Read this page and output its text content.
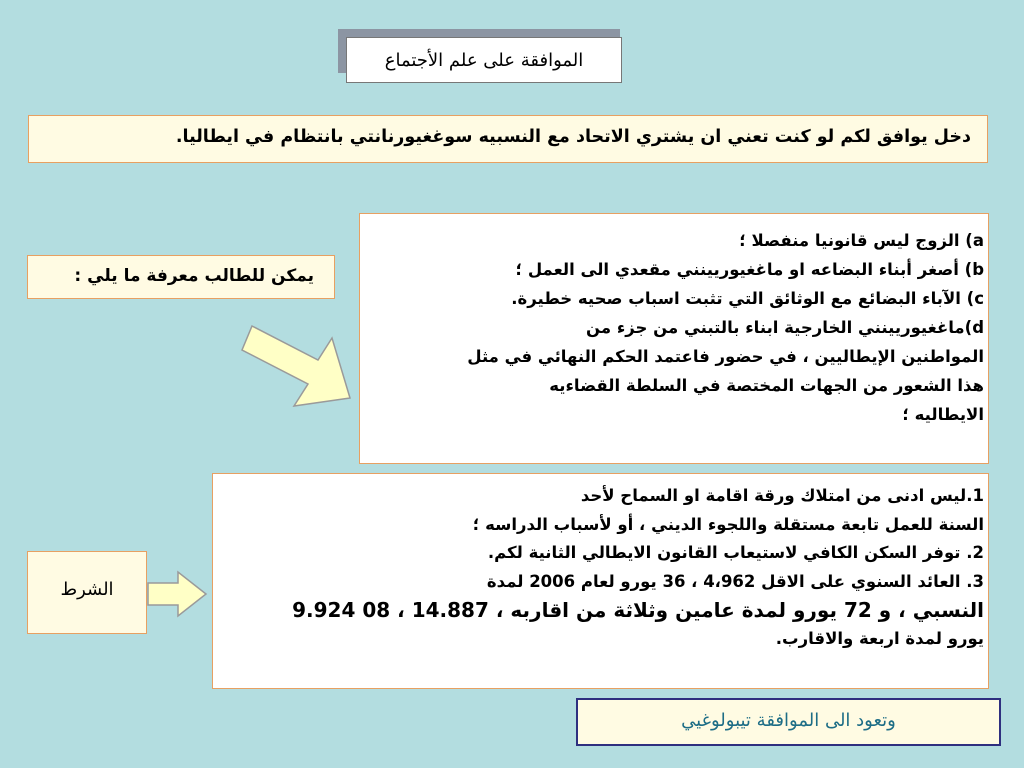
الموافقة على علم الأجتماع
دخل يوافق لكم لو كنت تعني ان يشتري الاتحاد مع النسبيه سوغغيورنانتي بانتظام في ايطاليا.
يمكن للطالب معرفة ما يلي :

a) الزوج ليس قانونيا منفصلا ؛

b) أصغر أبناء البضاعه او ماغغيوريينني مقعدي الى العمل ؛

c) الآباء البضائع مع الوثائق التي تثبت اسباب صحيه خطيرة.

d)ماغغيوريينني الخارجية ابناء بالتبني من جزء من

المواطنين الإيطاليين ، في حضور فاعتمد الحكم النهائي في مثل

هذا الشعور من الجهات المختصة في السلطة القضاءيه

الايطاليه ؛

1.ليس ادنى من امتلاك ورقة اقامة او السماح لأحد

السنة للعمل تابعة مستقلة واللجوء الديني ، أو لأسباب الدراسه ؛

2. توفر السكن الكافي لاستيعاب القانون الايطالي الثانية لكم.

3. العائد السنوي على الاقل 4،962 ، 36 يورو لعام 2006 لمدة

النسبي ، و 72 يورو لمدة عامين وثلاثة من اقاربه ، 14.887 ، 08 9.924

يورو لمدة اربعة والاقارب.

الشرط
وتعود الى الموافقة تيبولوغيي
